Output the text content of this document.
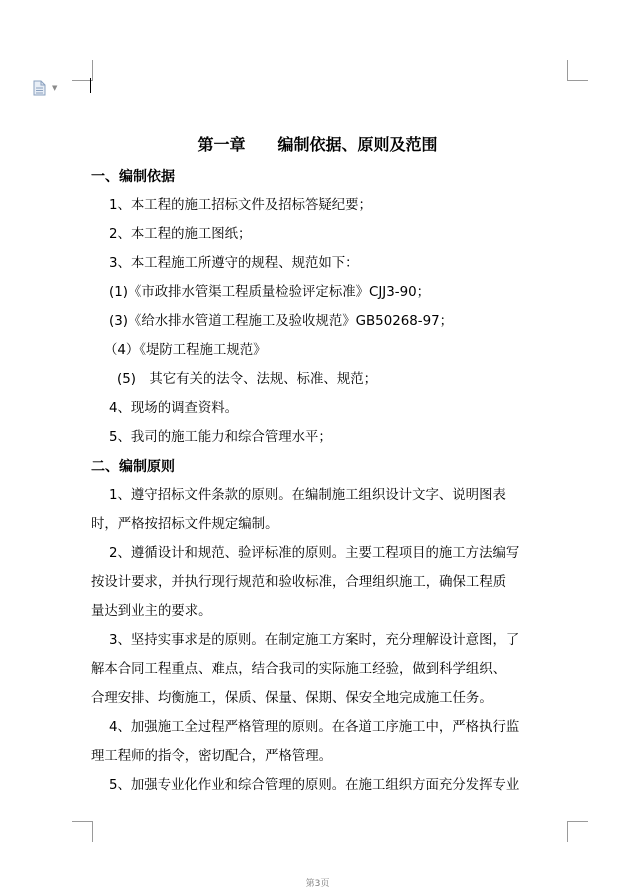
▼
第一章　　编制依据、原则及范围
一、编制依据
1、本工程的施工招标文件及招标答疑纪要；
2、本工程的施工图纸；
3、本工程施工所遵守的规程、规范如下：
(1)《市政排水管渠工程质量检验评定标准》CJJ3-90；
(3)《给水排水管道工程施工及验收规范》GB50268-97；
（4）《堤防工程施工规范》
(5)　其它有关的法令、法规、标准、规范；
4、现场的调查资料。
5、我司的施工能力和综合管理水平；
二、编制原则
1、遵守招标文件条款的原则。在编制施工组织设计文字、说明图表
时，严格按招标文件规定编制。
2、遵循设计和规范、验评标准的原则。主要工程项目的施工方法编写
按设计要求，并执行现行规范和验收标准，合理组织施工，确保工程质
量达到业主的要求。
3、坚持实事求是的原则。在制定施工方案时，充分理解设计意图，了
解本合同工程重点、难点，结合我司的实际施工经验，做到科学组织、
合理安排、均衡施工，保质、保量、保期、保安全地完成施工任务。
4、加强施工全过程严格管理的原则。在各道工序施工中，严格执行监
理工程师的指令，密切配合，严格管理。
5、加强专业化作业和综合管理的原则。在施工组织方面充分发挥专业
第3页
